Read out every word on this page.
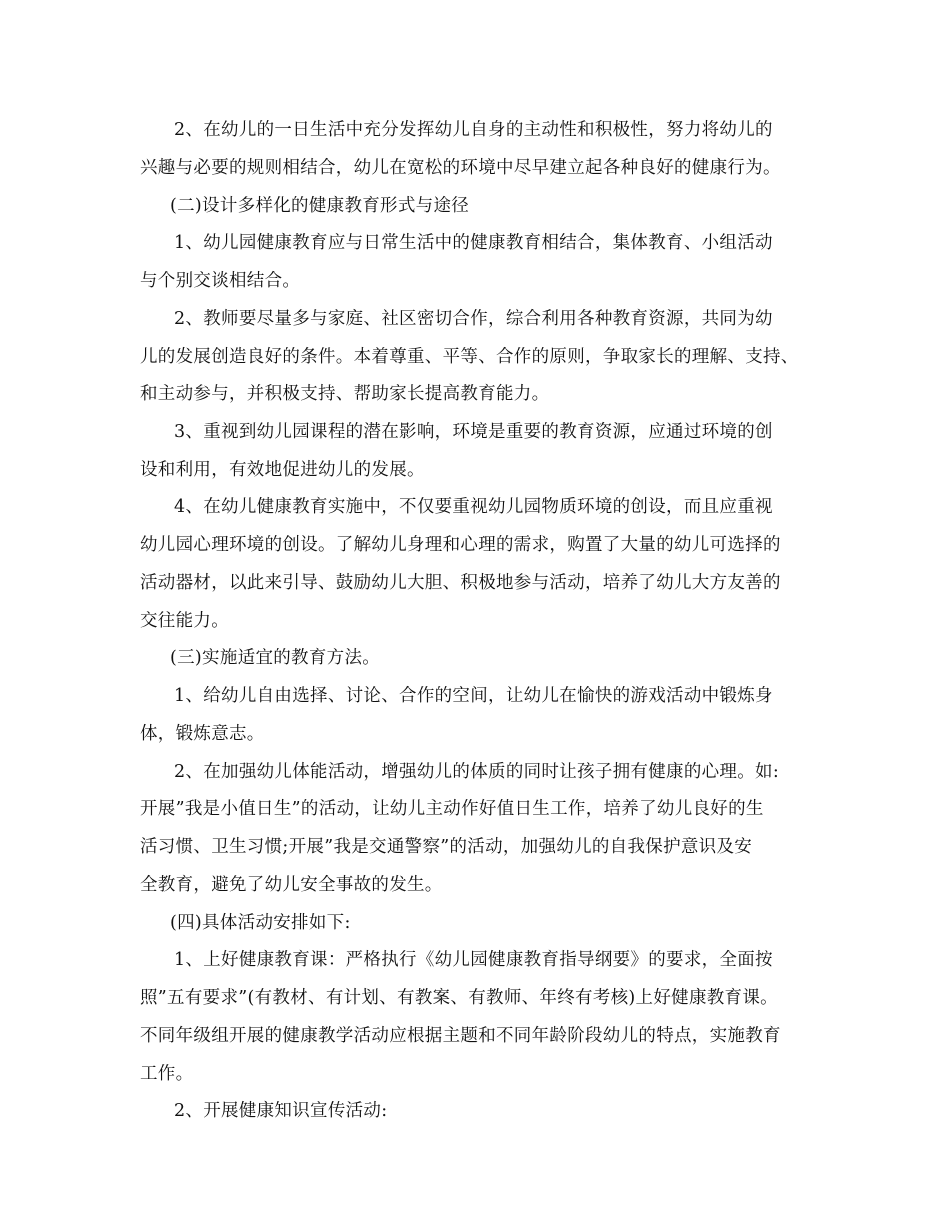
2、在幼儿的一日生活中充分发挥幼儿自身的主动性和积极性，努力将幼儿的
兴趣与必要的规则相结合，幼儿在宽松的环境中尽早建立起各种良好的健康行为。
(二)设计多样化的健康教育形式与途径
1、幼儿园健康教育应与日常生活中的健康教育相结合，集体教育、小组活动
与个别交谈相结合。
2、教师要尽量多与家庭、社区密切合作，综合利用各种教育资源，共同为幼
儿的发展创造良好的条件。本着尊重、平等、合作的原则，争取家长的理解、支持、
和主动参与，并积极支持、帮助家长提高教育能力。
3、重视到幼儿园课程的潜在影响，环境是重要的教育资源，应通过环境的创
设和利用，有效地促进幼儿的发展。
4、在幼儿健康教育实施中，不仅要重视幼儿园物质环境的创设，而且应重视
幼儿园心理环境的创设。了解幼儿身理和心理的需求，购置了大量的幼儿可选择的
活动器材，以此来引导、鼓励幼儿大胆、积极地参与活动，培养了幼儿大方友善的
交往能力。
(三)实施适宜的教育方法。
1、给幼儿自由选择、讨论、合作的空间，让幼儿在愉快的游戏活动中锻炼身
体，锻炼意志。
2、在加强幼儿体能活动，增强幼儿的体质的同时让孩子拥有健康的心理。如:
开展”我是小值日生”的活动，让幼儿主动作好值日生工作，培养了幼儿良好的生
活习惯、卫生习惯;开展”我是交通警察”的活动，加强幼儿的自我保护意识及安
全教育，避免了幼儿安全事故的发生。
(四)具体活动安排如下:
1、上好健康教育课：严格执行《幼儿园健康教育指导纲要》的要求，全面按
照”五有要求”(有教材、有计划、有教案、有教师、年终有考核)上好健康教育课。
不同年级组开展的健康教学活动应根据主题和不同年龄阶段幼儿的特点，实施教育
工作。
2、开展健康知识宣传活动:
